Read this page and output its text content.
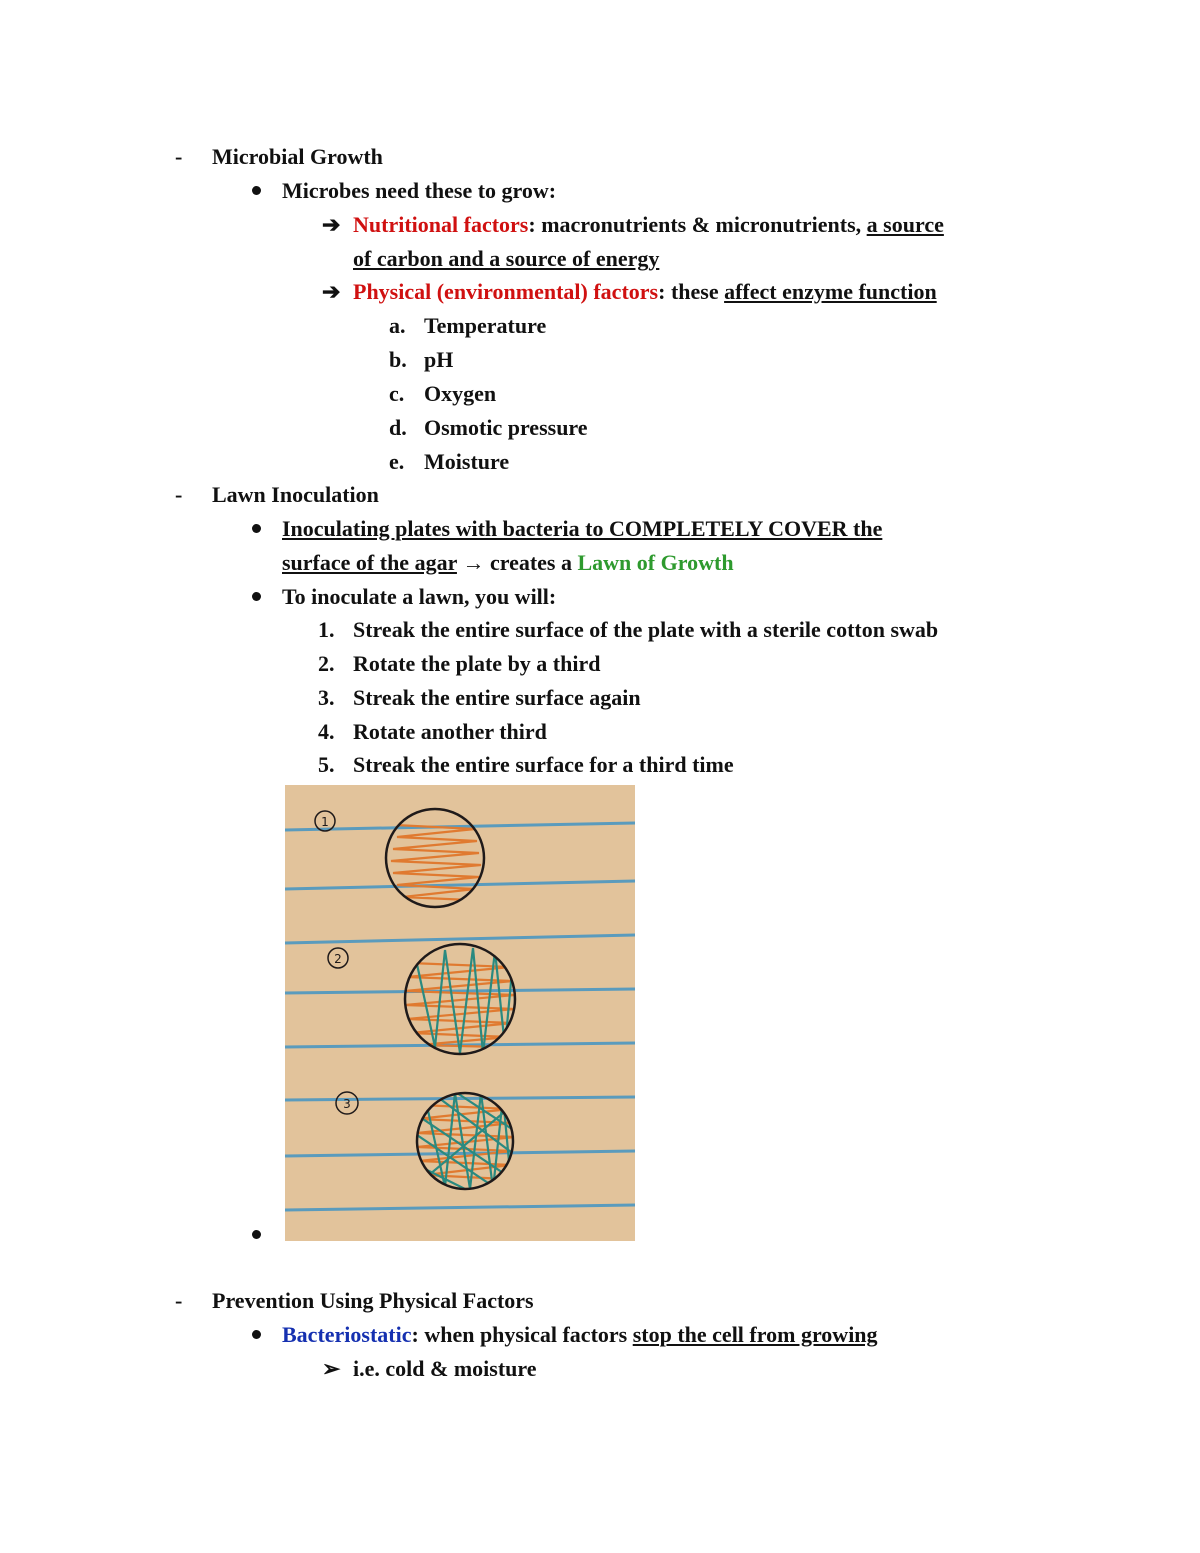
- Microbial Growth
Microbes need these to grow:
➔ Nutritional factors: macronutrients & micronutrients, a source
of carbon and a source of energy
➔ Physical (environmental) factors: these affect enzyme function
a. Temperature
b. pH
c. Oxygen
d. Osmotic pressure
e. Moisture
- Lawn Inoculation
Inoculating plates with bacteria to COMPLETELY COVER the
surface of the agar → creates a Lawn of Growth
To inoculate a lawn, you will:
1. Streak the entire surface of the plate with a sterile cotton swab
2. Rotate the plate by a third
3. Streak the entire surface again
4. Rotate another third
5. Streak the entire surface for a third time
1
2
3
- Prevention Using Physical Factors
Bacteriostatic: when physical factors stop the cell from growing
➢ i.e. cold & moisture
